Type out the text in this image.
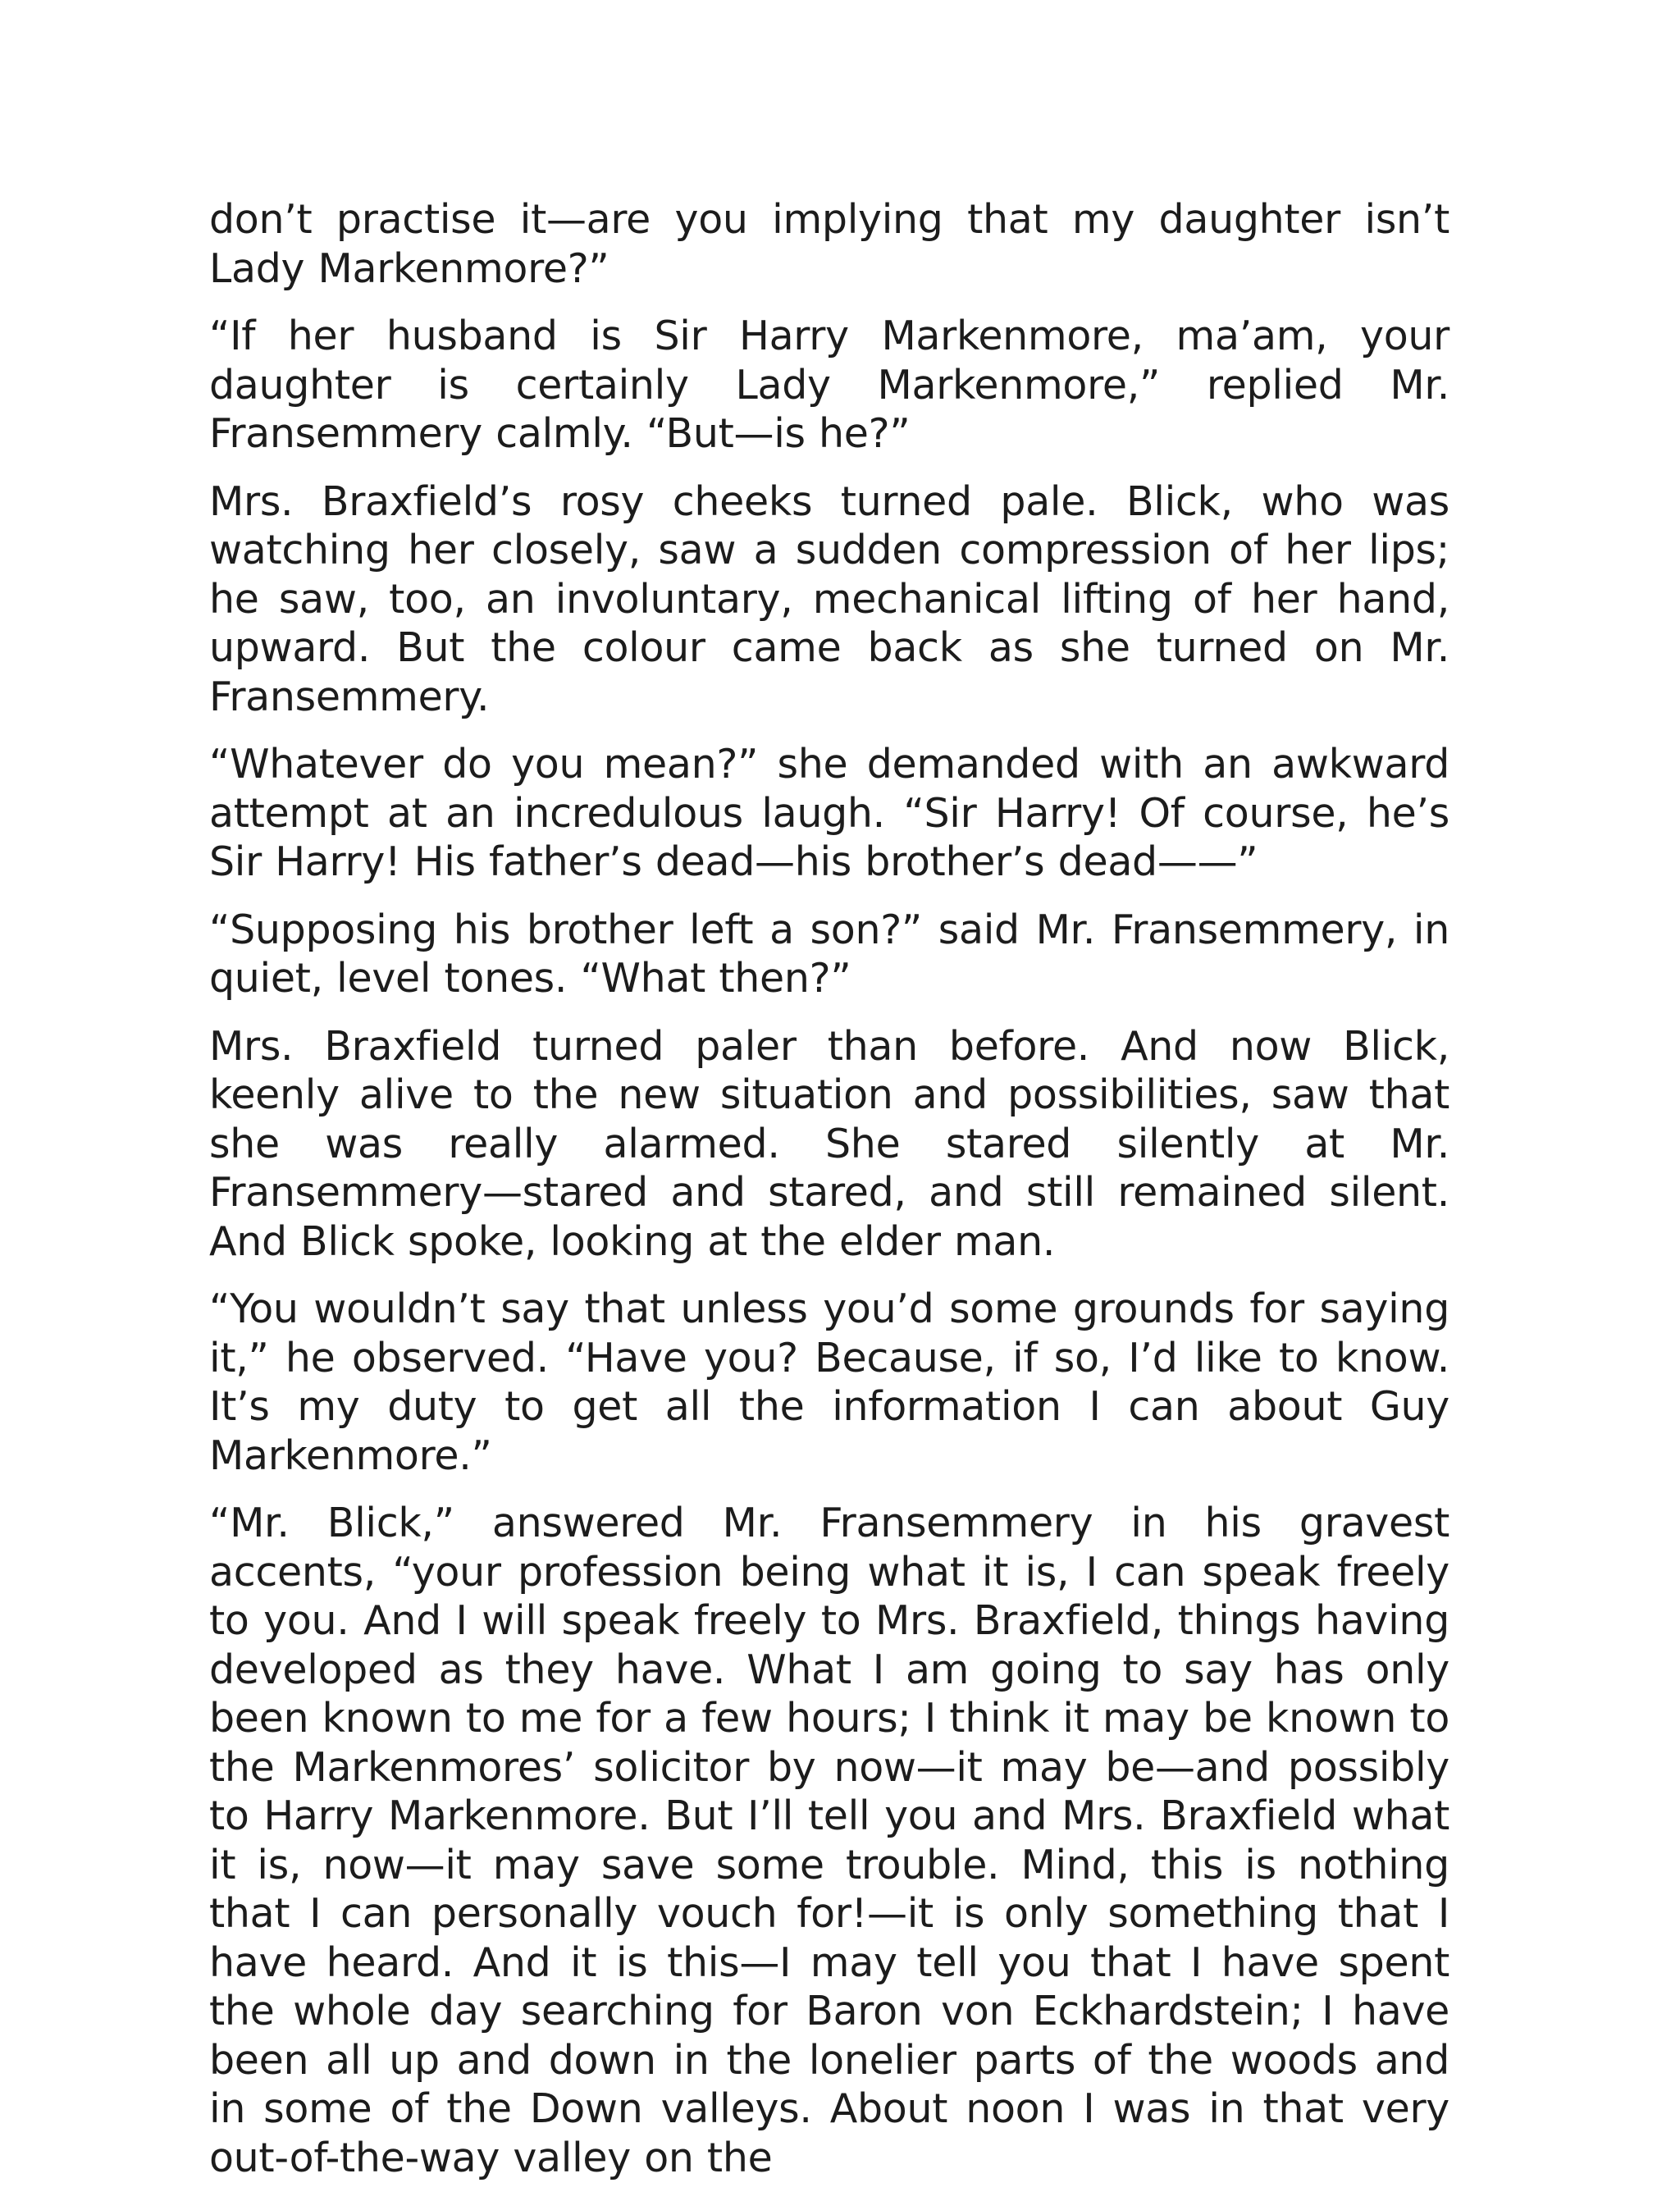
don’t practise it—are you implying that my daughter isn’t Lady Markenmore?”

“If her husband is Sir Harry Markenmore, ma’am, your daughter is certainly Lady Markenmore,” replied Mr. Fransemmery calmly. “But—is he?”

Mrs. Braxfield’s rosy cheeks turned pale. Blick, who was watching her closely, saw a sudden compression of her lips; he saw, too, an involuntary, mechanical lifting of her hand, upward. But the colour came back as she turned on Mr. Fransemmery.

“Whatever do you mean?” she demanded with an awkward attempt at an incredulous laugh. “Sir Harry! Of course, he’s Sir Harry! His father’s dead—his brother’s dead——”

“Supposing his brother left a son?” said Mr. Fransemmery, in quiet, level tones. “What then?”

Mrs. Braxfield turned paler than before. And now Blick, keenly alive to the new situation and possibilities, saw that she was really alarmed. She stared silently at Mr. Fransemmery—stared and stared, and still remained silent. And Blick spoke, looking at the elder man.

“You wouldn’t say that unless you’d some grounds for saying it,” he observed. “Have you? Because, if so, I’d like to know. It’s my duty to get all the information I can about Guy Markenmore.”

“Mr. Blick,” answered Mr. Fransemmery in his gravest accents, “your profession being what it is, I can speak freely to you. And I will speak freely to Mrs. Braxfield, things having developed as they have. What I am going to say has only been known to me for a few hours; I think it may be known to the Markenmores’ solicitor by now—it may be—and possibly to Harry Markenmore. But I’ll tell you and Mrs. Braxfield what it is, now—it may save some trouble. Mind, this is nothing that I can personally vouch for!—it is only something that I have heard. And it is this—I may tell you that I have spent the whole day searching for Baron von Eckhardstein; I have been all up and down in the lonelier parts of the woods and in some of the Down valleys. About noon I was in that very out-of-the-way valley on the
